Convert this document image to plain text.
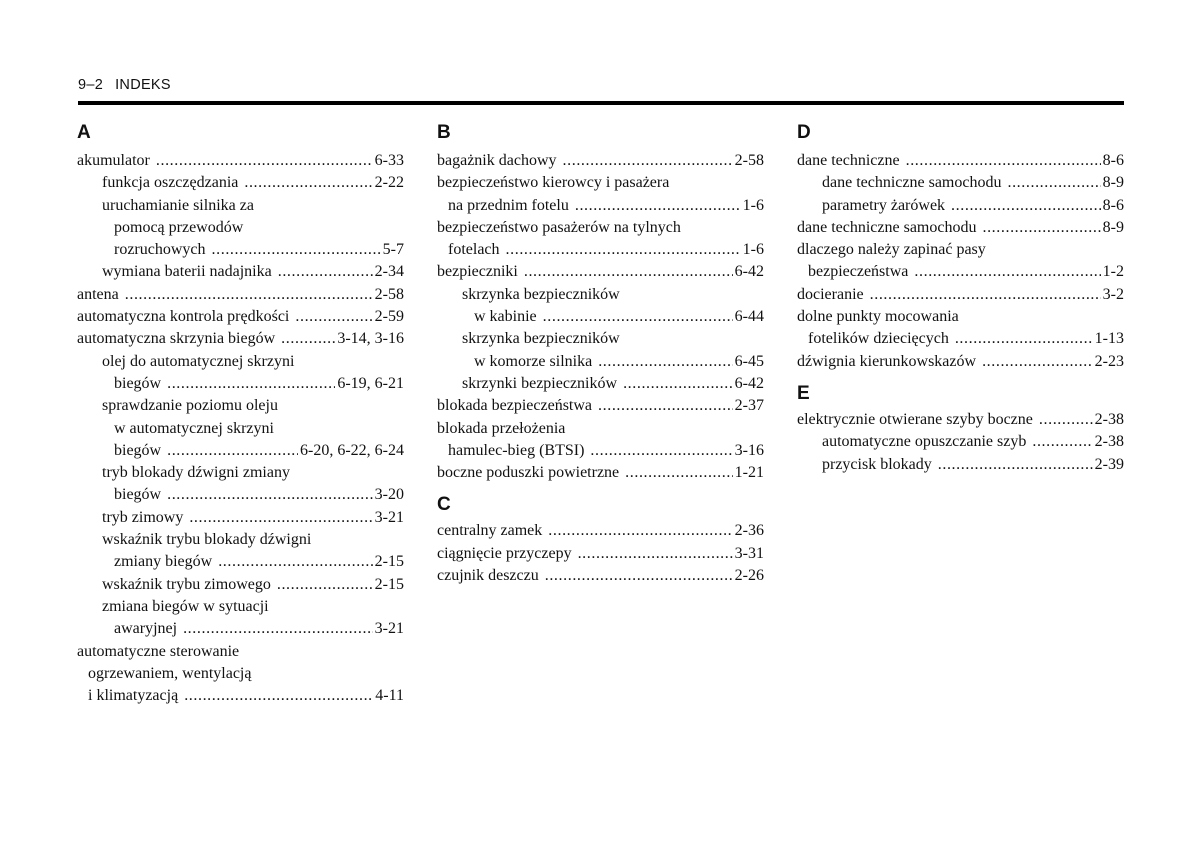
9–2 INDEKS
A
akumulator .....	6-33
funkcja oszczędzania .....	2-22
uruchamianie silnika za
pomocą przewodów
rozruchowych .....	5-7
wymiana baterii nadajnika .....	2-34
antena .....	2-58
automatyczna kontrola prędkości .....	2-59
automatyczna skrzynia biegów .....	3-14, 3-16
olej do automatycznej skrzyni
biegów .....	6-19, 6-21
sprawdzanie poziomu oleju
w automatycznej skrzyni
biegów .....	6-20, 6-22, 6-24
tryb blokady dźwigni zmiany
biegów .....	3-20
tryb zimowy .....	3-21
wskaźnik trybu blokady dźwigni
zmiany biegów .....	2-15
wskaźnik trybu zimowego .....	2-15
zmiana biegów w sytuacji
awaryjnej .....	3-21
automatyczne sterowanie
ogrzewaniem, wentylacją
i klimatyzacją .....	4-11
B
bagażnik dachowy .....	2-58
bezpieczeństwo kierowcy i pasażera
na przednim fotelu .....	1-6
bezpieczeństwo pasażerów na tylnych
fotelach .....	1-6
bezpieczniki .....	6-42
skrzynka bezpieczników
w kabinie .....	6-44
skrzynka bezpieczników
w komorze silnika .....	6-45
skrzynki bezpieczników .....	6-42
blokada bezpieczeństwa .....	2-37
blokada przełożenia
hamulec-bieg (BTSI) .....	3-16
boczne poduszki powietrzne .....	1-21
C
centralny zamek .....	2-36
ciągnięcie przyczepy .....	3-31
czujnik deszczu .....	2-26
D
dane techniczne .....	8-6
dane techniczne samochodu .....	8-9
parametry żarówek .....	8-6
dane techniczne samochodu .....	8-9
dlaczego należy zapinać pasy
bezpieczeństwa .....	1-2
docieranie .....	3-2
dolne punkty mocowania
fotelików dziecięcych .....	1-13
dźwignia kierunkowskazów .....	2-23
E
elektrycznie otwierane szyby boczne .....	2-38
automatyczne opuszczanie szyb .....	2-38
przycisk blokady .....	2-39
